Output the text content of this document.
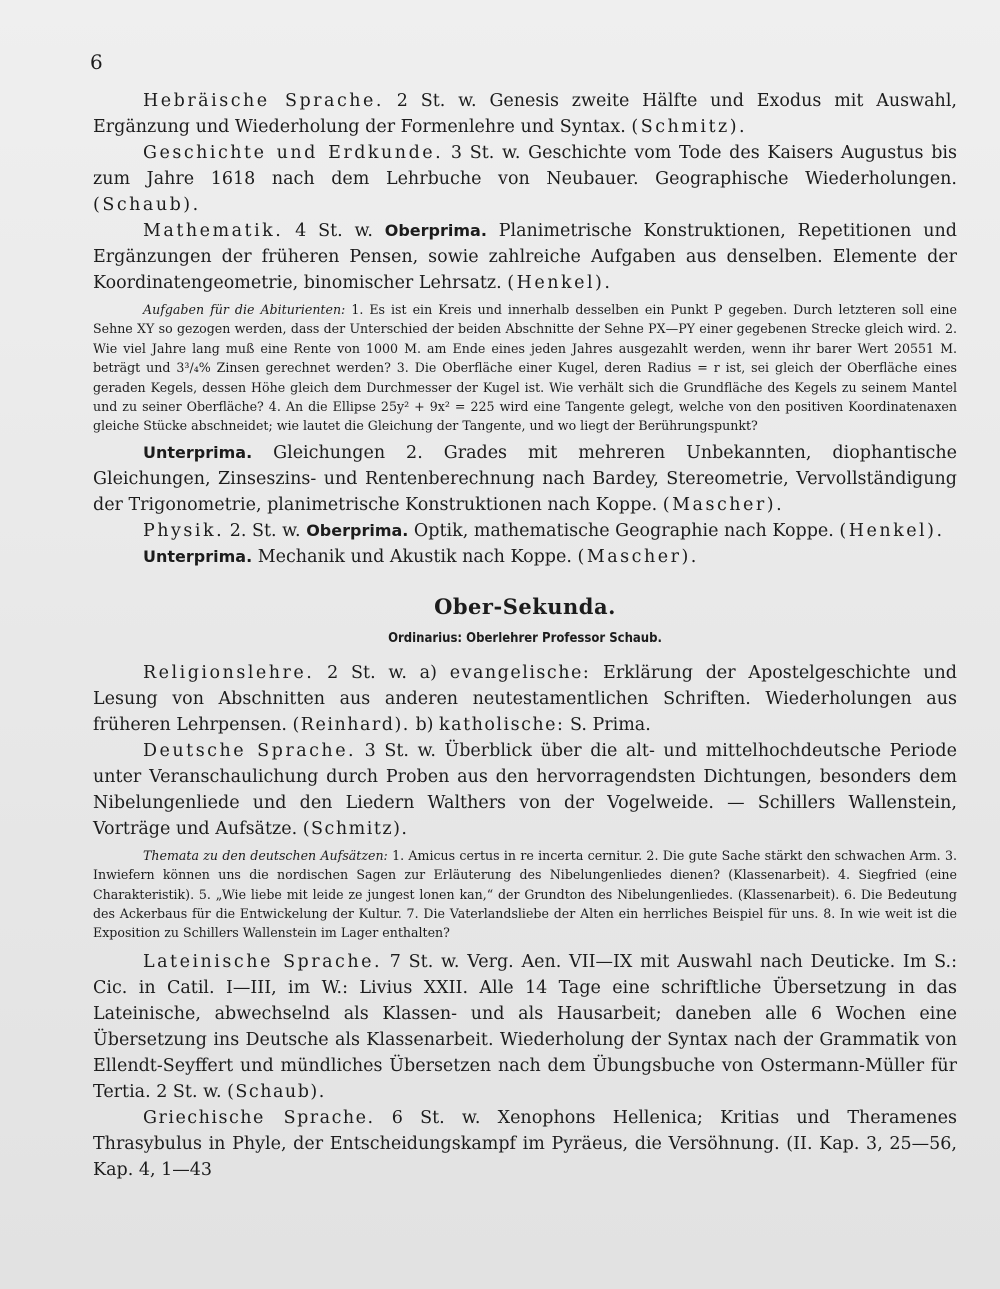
6

Hebräische Sprache. 2 St. w. Genesis zweite Hälfte und Exodus mit Auswahl, Ergänzung und Wiederholung der Formenlehre und Syntax. (Schmitz).

Geschichte und Erdkunde. 3 St. w. Geschichte vom Tode des Kaisers Augustus bis zum Jahre 1618 nach dem Lehrbuche von Neubauer. Geographische Wiederholungen. (Schaub).

Mathematik. 4 St. w. Oberprima. Planimetrische Konstruktionen, Repetitionen und Ergänzungen der früheren Pensen, sowie zahlreiche Aufgaben aus denselben. Elemente der Koordinatengeometrie, binomischer Lehrsatz. (Henkel).

Aufgaben für die Abiturienten: 1. Es ist ein Kreis und innerhalb desselben ein Punkt P gegeben. Durch letzteren soll eine Sehne XY so gezogen werden, dass der Unterschied der beiden Abschnitte der Sehne PX—PY einer gegebenen Strecke gleich wird. 2. Wie viel Jahre lang muß eine Rente von 1000 M. am Ende eines jeden Jahres ausgezahlt werden, wenn ihr barer Wert 20551 M. beträgt und 3³/₄% Zinsen gerechnet werden? 3. Die Oberfläche einer Kugel, deren Radius = r ist, sei gleich der Oberfläche eines geraden Kegels, dessen Höhe gleich dem Durchmesser der Kugel ist. Wie verhält sich die Grundfläche des Kegels zu seinem Mantel und zu seiner Oberfläche? 4. An die Ellipse 25y² + 9x² = 225 wird eine Tangente gelegt, welche von den positiven Koordinatenaxen gleiche Stücke abschneidet; wie lautet die Gleichung der Tangente, und wo liegt der Berührungspunkt?

Unterprima. Gleichungen 2. Grades mit mehreren Unbekannten, diophantische Gleichungen, Zinseszins- und Rentenberechnung nach Bardey, Stereometrie, Vervollständigung der Trigonometrie, planimetrische Konstruktionen nach Koppe. (Mascher).

Physik. 2. St. w. Oberprima. Optik, mathematische Geographie nach Koppe. (Henkel).

Unterprima. Mechanik und Akustik nach Koppe. (Mascher).

Ober-Sekunda.
Ordinarius: Oberlehrer Professor Schaub.

Religionslehre. 2 St. w. a) evangelische: Erklärung der Apostelgeschichte und Lesung von Abschnitten aus anderen neutestamentlichen Schriften. Wiederholungen aus früheren Lehrpensen. (Reinhard). b) katholische: S. Prima.

Deutsche Sprache. 3 St. w. Überblick über die alt- und mittelhochdeutsche Periode unter Veranschaulichung durch Proben aus den hervorragendsten Dichtungen, besonders dem Nibelungenliede und den Liedern Walthers von der Vogelweide. — Schillers Wallenstein, Vorträge und Aufsätze. (Schmitz).

Themata zu den deutschen Aufsätzen: 1. Amicus certus in re incerta cernitur. 2. Die gute Sache stärkt den schwachen Arm. 3. Inwiefern können uns die nordischen Sagen zur Erläuterung des Nibelungenliedes dienen? (Klassenarbeit). 4. Siegfried (eine Charakteristik). 5. „Wie liebe mit leide ze jungest lonen kan,“ der Grundton des Nibelungenliedes. (Klassenarbeit). 6. Die Bedeutung des Ackerbaus für die Entwickelung der Kultur. 7. Die Vaterlandsliebe der Alten ein herrliches Beispiel für uns. 8. In wie weit ist die Exposition zu Schillers Wallenstein im Lager enthalten?

Lateinische Sprache. 7 St. w. Verg. Aen. VII—IX mit Auswahl nach Deuticke. Im S.: Cic. in Catil. I—III, im W.: Livius XXII. Alle 14 Tage eine schriftliche Übersetzung in das Lateinische, abwechselnd als Klassen- und als Hausarbeit; daneben alle 6 Wochen eine Übersetzung ins Deutsche als Klassenarbeit. Wiederholung der Syntax nach der Grammatik von Ellendt-Seyffert und mündliches Übersetzen nach dem Übungsbuche von Ostermann-Müller für Tertia. 2 St. w. (Schaub).

Griechische Sprache. 6 St. w. Xenophons Hellenica; Kritias und Theramenes Thrasybulus in Phyle, der Entscheidungskampf im Pyräeus, die Versöhnung. (II. Kap. 3, 25—56, Kap. 4, 1—43
